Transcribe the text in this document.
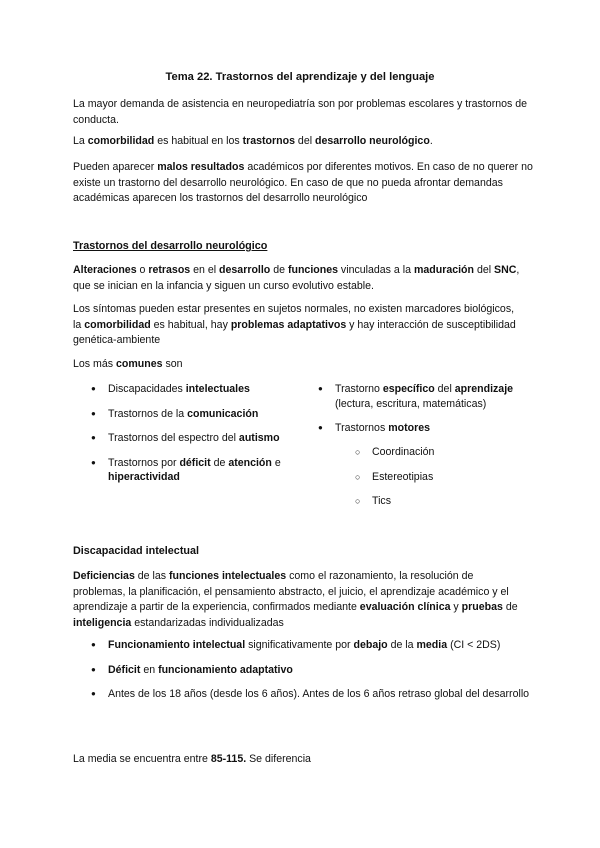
Tema 22. Trastornos del aprendizaje y del lenguaje

La mayor demanda de asistencia en neuropediatría son por problemas escolares y trastornos de conducta.

La comorbilidad es habitual en los trastornos del desarrollo neurológico.

Pueden aparecer malos resultados académicos por diferentes motivos. En caso de no querer no existe un trastorno del desarrollo neurológico. En caso de que no pueda afrontar demandas académicas aparecen los trastornos del desarrollo neurológico

Trastornos del desarrollo neurológico

Alteraciones o retrasos en el desarrollo de funciones vinculadas a la maduración del SNC, que se inician en la infancia y siguen un curso evolutivo estable.

Los síntomas pueden estar presentes en sujetos normales, no existen marcadores biológicos, la comorbilidad es habitual, hay problemas adaptativos y hay interacción de susceptibilidad genética-ambiente

Los más comunes son

● Discapacidades intelectuales
● Trastornos de la comunicación
● Trastornos del espectro del autismo
● Trastornos por déficit de atención e hiperactividad
● Trastorno específico del aprendizaje (lectura, escritura, matemáticas)
● Trastornos motores
○ Coordinación
○ Estereotipias
○ Tics

Discapacidad intelectual

Deficiencias de las funciones intelectuales como el razonamiento, la resolución de problemas, la planificación, el pensamiento abstracto, el juicio, el aprendizaje académico y el aprendizaje a partir de la experiencia, confirmados mediante evaluación clínica y pruebas de inteligencia estandarizadas individualizadas

● Funcionamiento intelectual significativamente por debajo de la media (CI < 2DS)
● Déficit en funcionamiento adaptativo
● Antes de los 18 años (desde los 6 años). Antes de los 6 años retraso global del desarrollo

La media se encuentra entre 85-115. Se diferencia
